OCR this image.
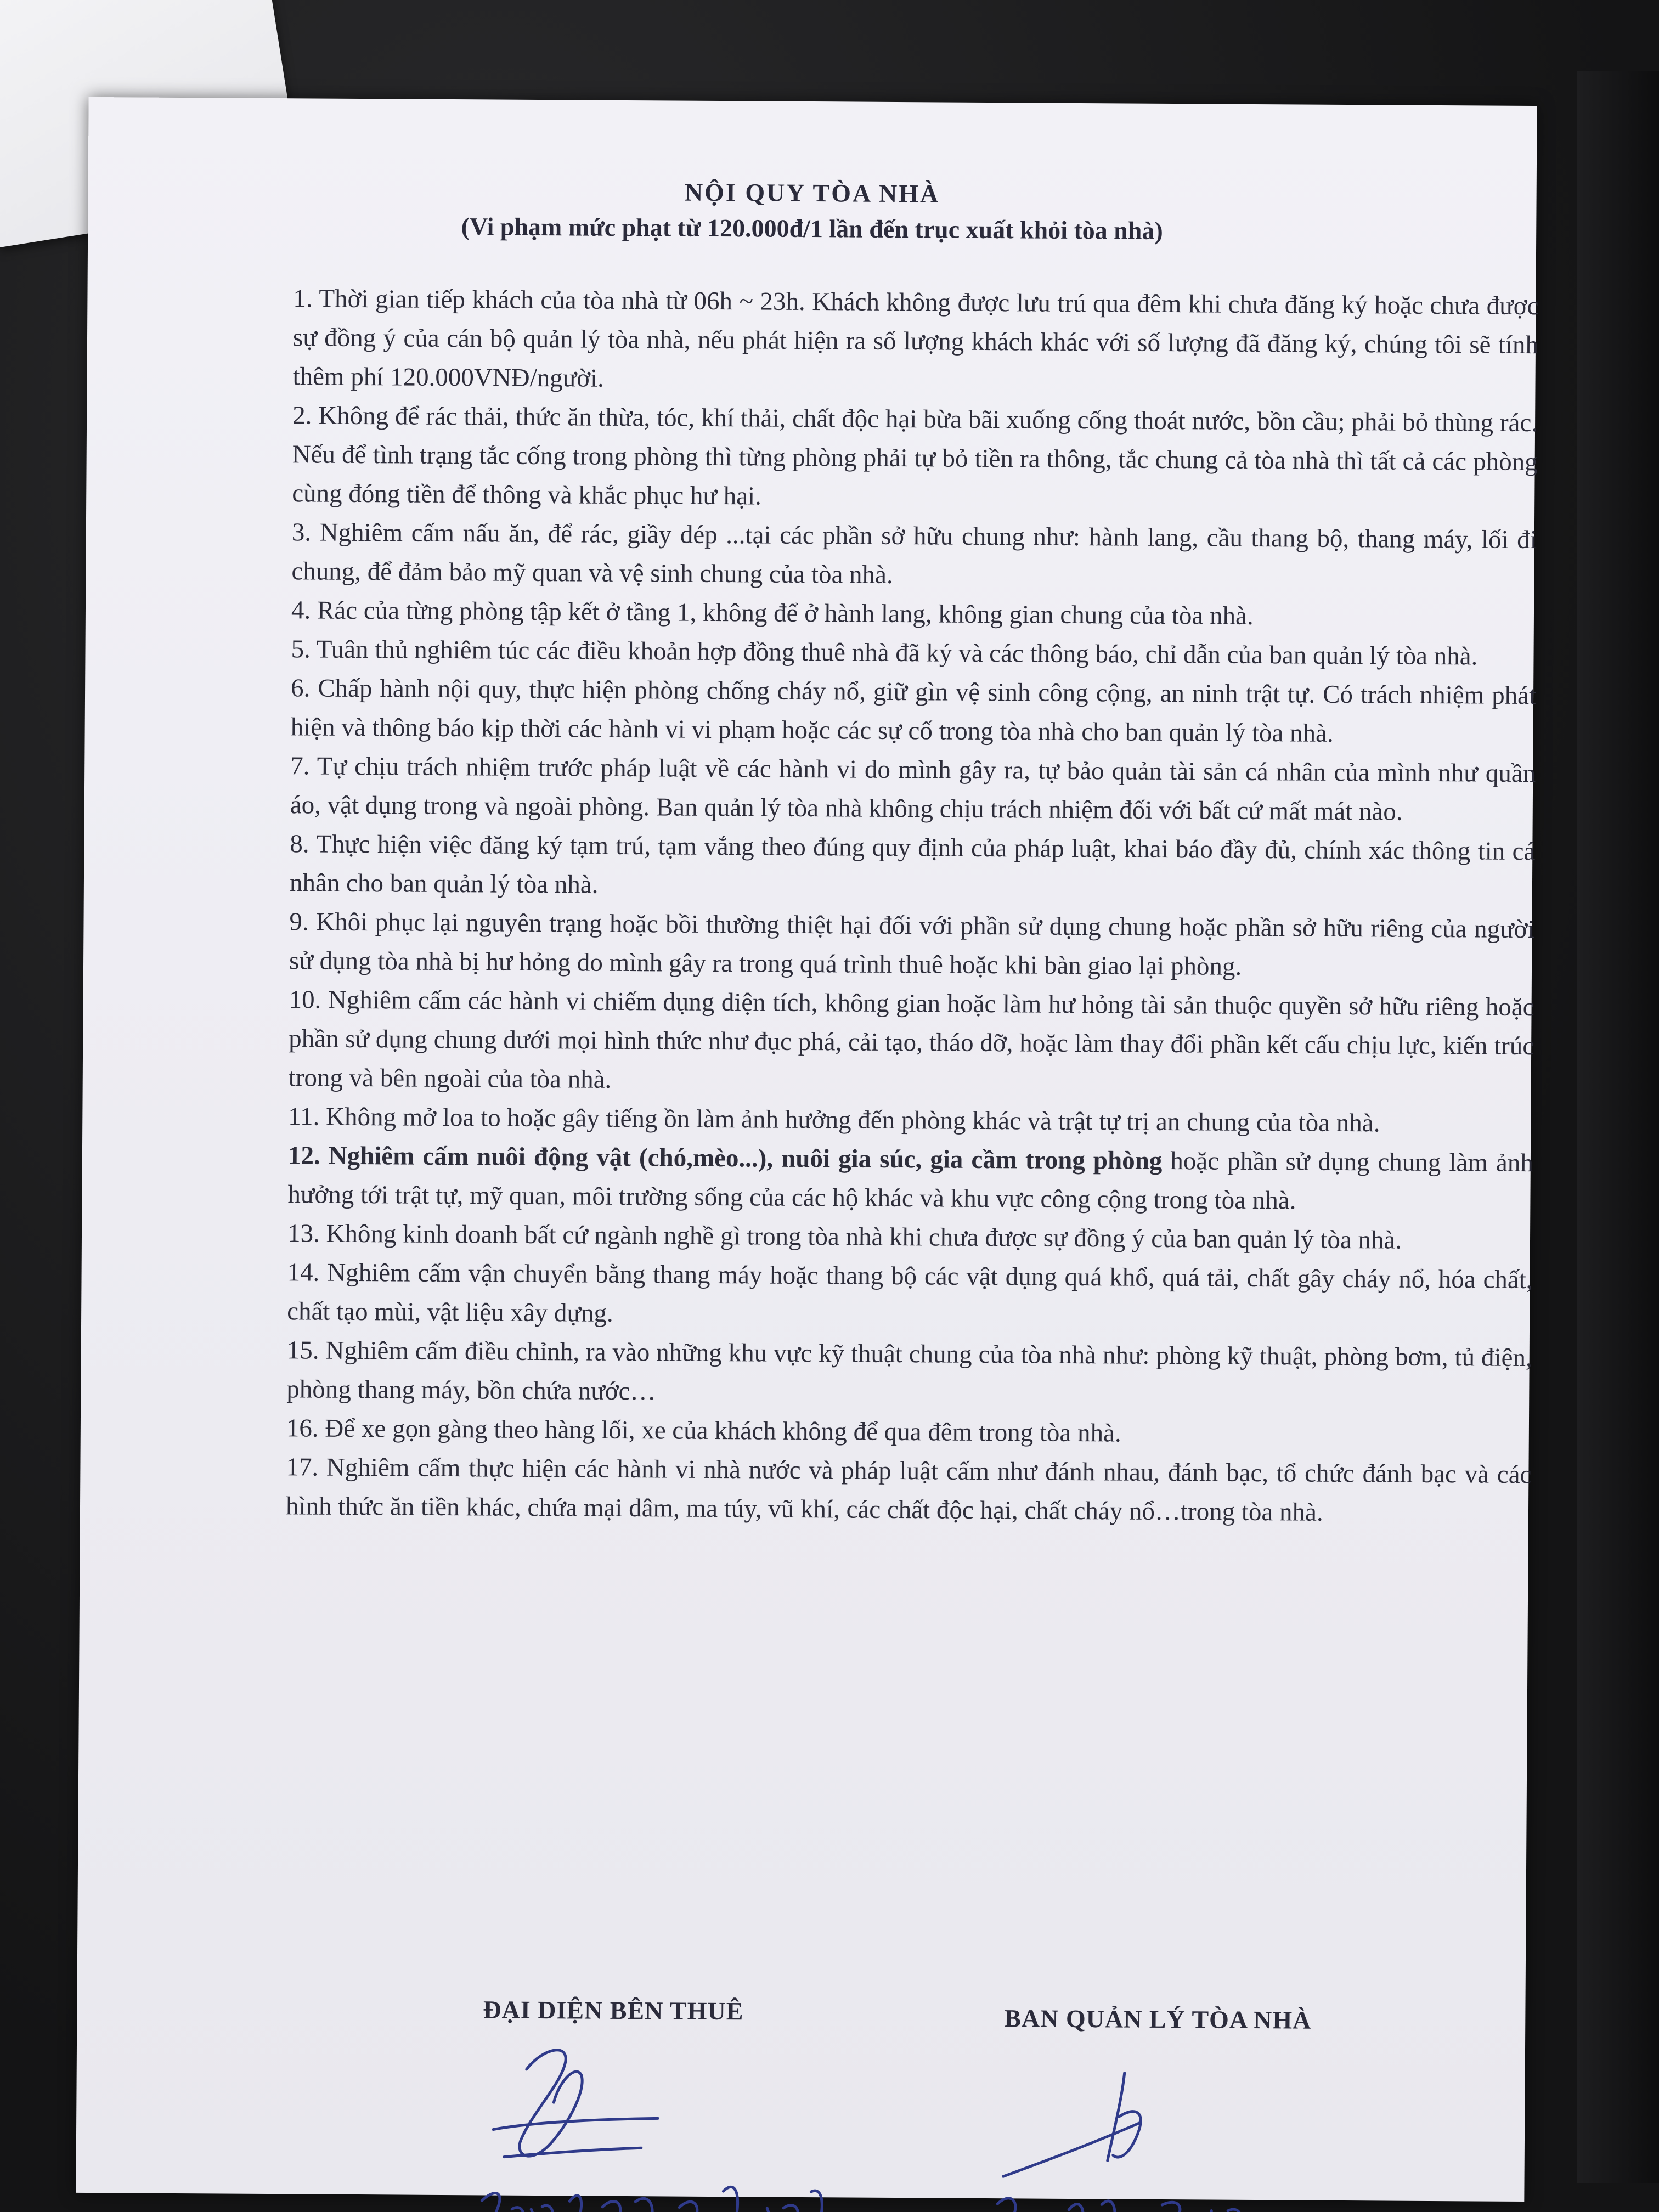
NỘI QUY TÒA NHÀ
(Vi phạm mức phạt từ 120.000đ/1 lần đến trục xuất khỏi tòa nhà)
1. Thời gian tiếp khách của tòa nhà từ 06h ~ 23h. Khách không được lưu trú qua đêm khi chưa đăng ký hoặc chưa được sự đồng ý của cán bộ quản lý tòa nhà, nếu phát hiện ra số lượng khách khác với số lượng đã đăng ký, chúng tôi sẽ tính thêm phí 120.000VNĐ/người.
2. Không để rác thải, thức ăn thừa, tóc, khí thải, chất độc hại bừa bãi xuống cống thoát nước, bồn cầu; phải bỏ thùng rác. Nếu để tình trạng tắc cống trong phòng thì từng phòng phải tự bỏ tiền ra thông, tắc chung cả tòa nhà thì tất cả các phòng cùng đóng tiền để thông và khắc phục hư hại.
3. Nghiêm cấm nấu ăn, để rác, giầy dép ...tại các phần sở hữu chung như: hành lang, cầu thang bộ, thang máy, lối đi chung, để đảm bảo mỹ quan và vệ sinh chung của tòa nhà.
4. Rác của từng phòng tập kết ở tầng 1, không để ở hành lang, không gian chung của tòa nhà.
5. Tuân thủ nghiêm túc các điều khoản hợp đồng thuê nhà đã ký và các thông báo, chỉ dẫn của ban quản lý tòa nhà.
6. Chấp hành nội quy, thực hiện phòng chống cháy nổ, giữ gìn vệ sinh công cộng, an ninh trật tự. Có trách nhiệm phát hiện và thông báo kịp thời các hành vi vi phạm hoặc các sự cố trong tòa nhà cho ban quản lý tòa nhà.
7. Tự chịu trách nhiệm trước pháp luật về các hành vi do mình gây ra, tự bảo quản tài sản cá nhân của mình như quần áo, vật dụng trong và ngoài phòng. Ban quản lý tòa nhà không chịu trách nhiệm đối với bất cứ mất mát nào.
8. Thực hiện việc đăng ký tạm trú, tạm vắng theo đúng quy định của pháp luật, khai báo đầy đủ, chính xác thông tin cá nhân cho ban quản lý tòa nhà.
9. Khôi phục lại nguyên trạng hoặc bồi thường thiệt hại đối với phần sử dụng chung hoặc phần sở hữu riêng của người sử dụng tòa nhà bị hư hỏng do mình gây ra trong quá trình thuê hoặc khi bàn giao lại phòng.
10. Nghiêm cấm các hành vi chiếm dụng diện tích, không gian hoặc làm hư hỏng tài sản thuộc quyền sở hữu riêng hoặc phần sử dụng chung dưới mọi hình thức như đục phá, cải tạo, tháo dỡ, hoặc làm thay đổi phần kết cấu chịu lực, kiến trúc trong và bên ngoài của tòa nhà.
11. Không mở loa to hoặc gây tiếng ồn làm ảnh hưởng đến phòng khác và trật tự trị an chung của tòa nhà.
12. Nghiêm cấm nuôi động vật (chó,mèo...), nuôi gia súc, gia cầm trong phòng hoặc phần sử dụng chung làm ảnh hưởng tới trật tự, mỹ quan, môi trường sống của các hộ khác và khu vực công cộng trong tòa nhà.
13. Không kinh doanh bất cứ ngành nghề gì trong tòa nhà khi chưa được sự đồng ý của ban quản lý tòa nhà.
14. Nghiêm cấm vận chuyển bằng thang máy hoặc thang bộ các vật dụng quá khổ, quá tải, chất gây cháy nổ, hóa chất, chất tạo mùi, vật liệu xây dựng.
15. Nghiêm cấm điều chỉnh, ra vào những khu vực kỹ thuật chung của tòa nhà như: phòng kỹ thuật, phòng bơm, tủ điện, phòng thang máy, bồn chứa nước…
16. Để xe gọn gàng theo hàng lối, xe của khách không để qua đêm trong tòa nhà.
17. Nghiêm cấm thực hiện các hành vi nhà nước và pháp luật cấm như đánh nhau, đánh bạc, tổ chức đánh bạc và các hình thức ăn tiền khác, chứa mại dâm, ma túy, vũ khí, các chất độc hại, chất cháy nổ…trong tòa nhà.
ĐẠI DIỆN BÊN THUÊ	BAN QUẢN LÝ TÒA NHÀ
